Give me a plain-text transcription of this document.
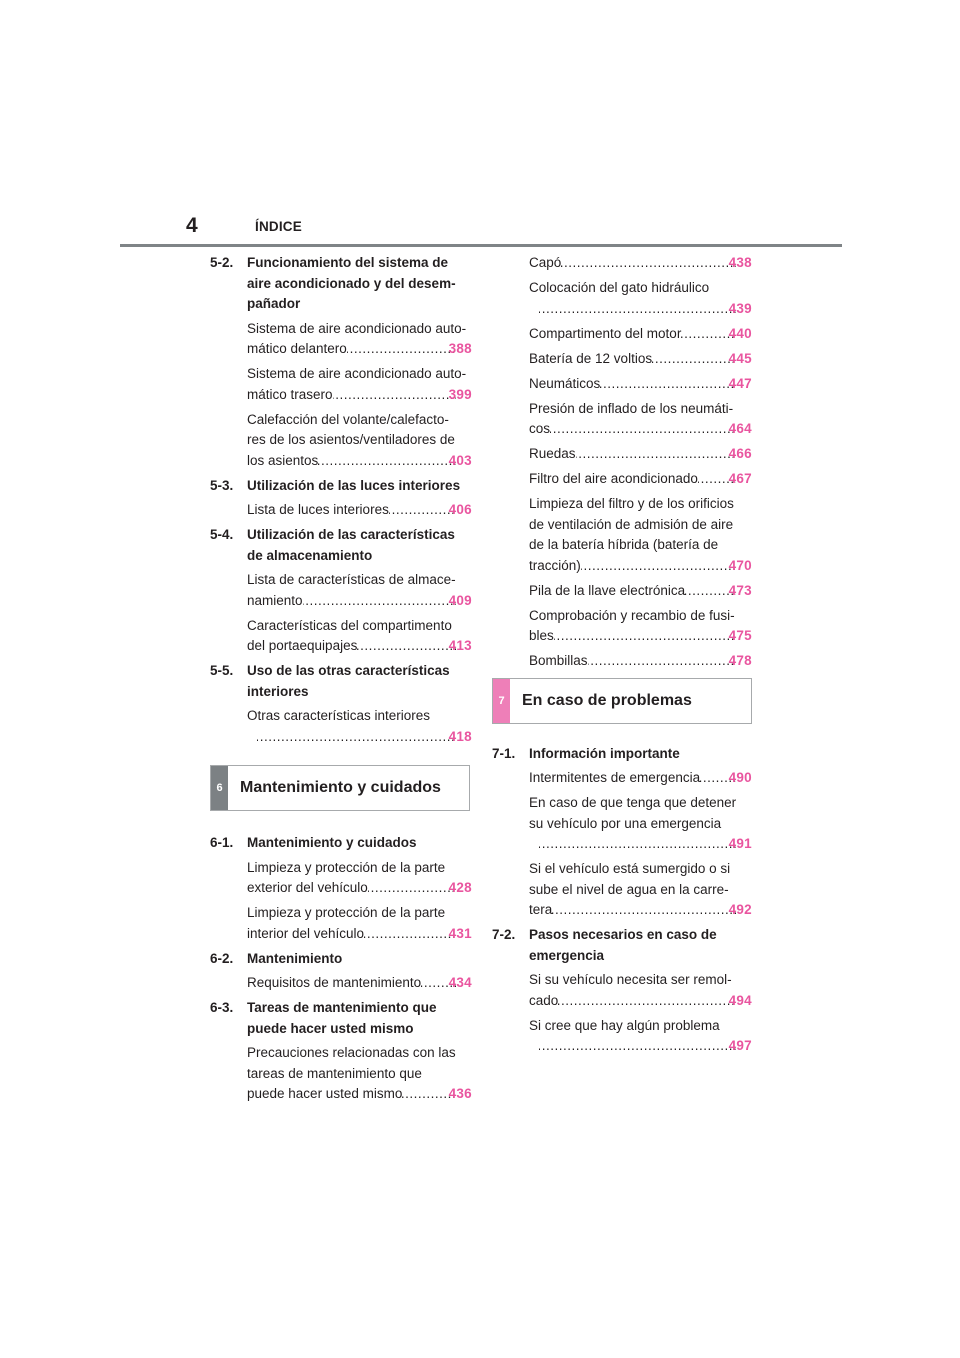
4	ÍNDICE
5-2.	Funcionamiento del sistema de aire acondicionado y del desem-pañador
Sistema de aire acondicionado auto-
mático delantero .....	388
Sistema de aire acondicionado auto-
mático trasero .....	399
Calefacción del volante/calefacto-
res de los asientos/ventiladores de
los asientos .....	403
5-3.	Utilización de las luces interiores
Lista de luces interiores .....	406
5-4.	Utilización de las características de almacenamiento
Lista de características de almace-
namiento .....	409
Características del compartimento
del portaequipajes .....	413
5-5.	Uso de las otras características interiores
Otras características interiores
.....
418
6	Mantenimiento y cuidados
6-1.	Mantenimiento y cuidados
Limpieza y protección de la parte
exterior del vehículo .....	428
Limpieza y protección de la parte
interior del vehículo .....	431
6-2.	Mantenimiento
Requisitos de mantenimiento ..... 434
6-3.	Tareas de mantenimiento que puede hacer usted mismo
Precauciones relacionadas con las
tareas de mantenimiento que
puede hacer usted mismo .....	436
Capó .....	438
Colocación del gato hidráulico
.....
439
Compartimento del motor .....	440
Batería de 12 voltios .....	445
Neumáticos .....	447
Presión de inflado de los neumáti-
cos .....	464
Ruedas .....	466
Filtro del aire acondicionado ..... 467
Limpieza del filtro y de los orificios
de ventilación de admisión de aire
de la batería híbrida (batería de
tracción) .....	470
Pila de la llave electrónica .....	473
Comprobación y recambio de fusi-
bles .....	475
Bombillas .....	478
7	En caso de problemas
7-1.	Información importante
Intermitentes de emergencia ..... 490
En caso de que tenga que detener
su vehículo por una emergencia
.....
491
Si el vehículo está sumergido o si
sube el nivel de agua en la carre-
tera .....	492
7-2.	Pasos necesarios en caso de emergencia
Si su vehículo necesita ser remol-
cado .....	494
Si cree que hay algún problema
.....
497
